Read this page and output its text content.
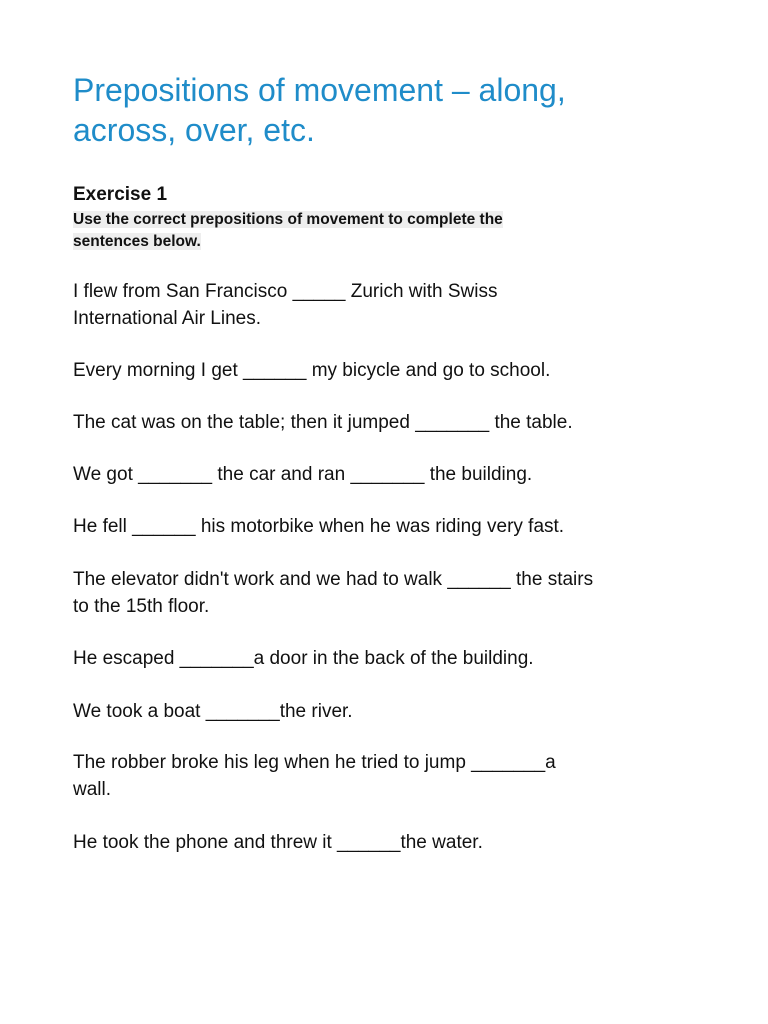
Prepositions of movement – along,
across, over, etc.
Exercise 1

Use the correct prepositions of movement to complete the
sentences below.

I flew from San Francisco _____ Zurich with Swiss
International Air Lines.

Every morning I get ______ my bicycle and go to school.

The cat was on the table; then it jumped _______ the table.

We got _______ the car and ran _______ the building.

He fell ______ his motorbike when he was riding very fast.

The elevator didn't work and we had to walk ______ the stairs
to the 15th floor.

He escaped _______a door in the back of the building.

We took a boat _______the river.

The robber broke his leg when he tried to jump _______a
wall.

He took the phone and threw it ______the water.
